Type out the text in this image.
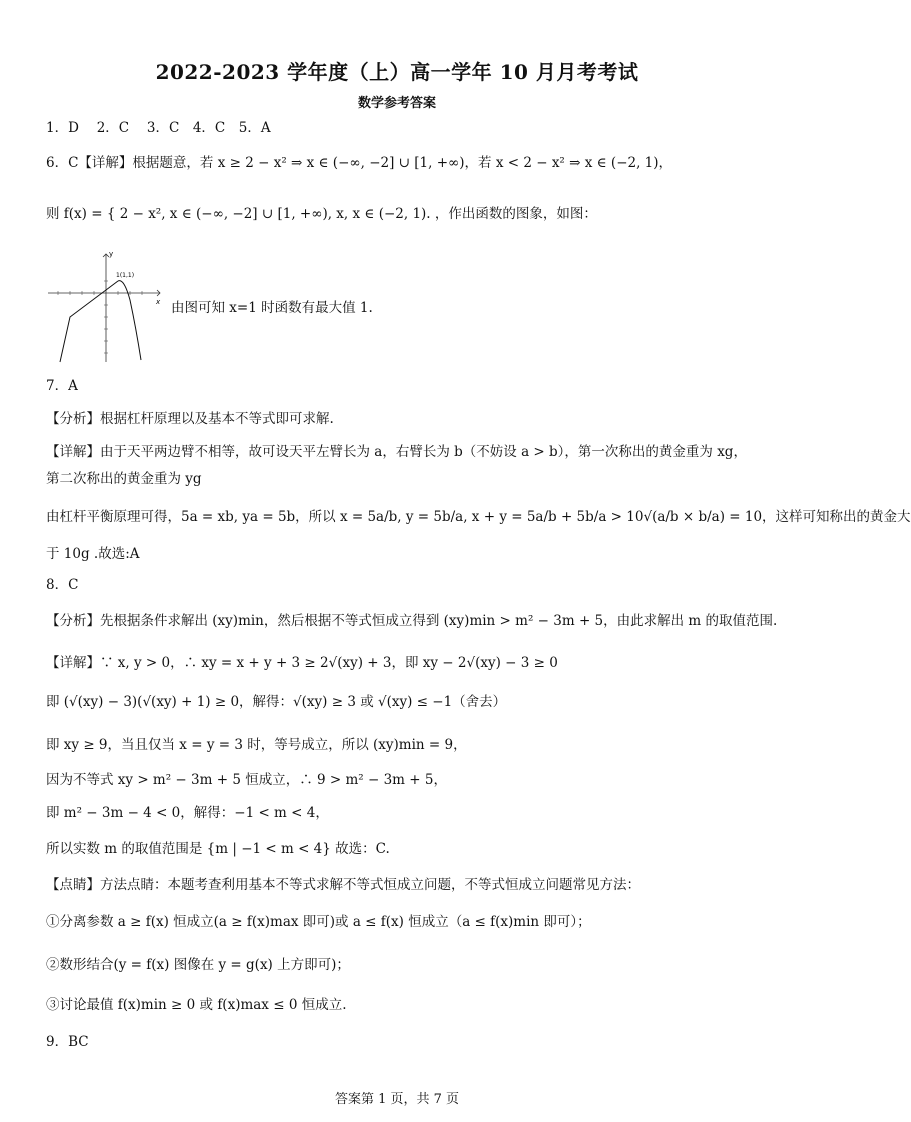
2022-2023 学年度（上）高一学年 10 月月考考试
数学参考答案
1．D　 2．C　 3．C　4．C　5．A
6．C【详解】根据题意，若 x ≥ 2 − x² ⇒ x ∈ (−∞, −2] ∪ [1, +∞)，若 x < 2 − x² ⇒ x ∈ (−2, 1)，
则 f(x) = { 2 − x², x ∈ (−∞, −2] ∪ [1, +∞), x, x ∈ (−2, 1). ，作出函数的图象，如图：
y
x
1(1,1)
由图可知 x=1 时函数有最大值 1.
7．A
【分析】根据杠杆原理以及基本不等式即可求解.
【详解】由于天平两边臂不相等，故可设天平左臂长为 a，右臂长为 b（不妨设 a > b），第一次称出的黄金重为 xg，
第二次称出的黄金重为 yg
由杠杆平衡原理可得，5a = xb, ya = 5b，所以 x = 5a/b, y = 5b/a, x + y = 5a/b + 5b/a > 10√(a/b × b/a) = 10，这样可知称出的黄金大
于 10g .故选:A
8．C
【分析】先根据条件求解出 (xy)min，然后根据不等式恒成立得到 (xy)min > m² − 3m + 5，由此求解出 m 的取值范围.
【详解】∵ x, y > 0，∴ xy = x + y + 3 ≥ 2√(xy) + 3，即 xy − 2√(xy) − 3 ≥ 0
即 (√(xy) − 3)(√(xy) + 1) ≥ 0，解得：√(xy) ≥ 3 或 √(xy) ≤ −1（舍去）
即 xy ≥ 9，当且仅当 x = y = 3 时，等号成立，所以 (xy)min = 9，
因为不等式 xy > m² − 3m + 5 恒成立，∴ 9 > m² − 3m + 5，
即 m² − 3m − 4 < 0，解得：−1 < m < 4，
所以实数 m 的取值范围是 {m | −1 < m < 4} 故选：C.
【点睛】方法点睛：本题考查利用基本不等式求解不等式恒成立问题，不等式恒成立问题常见方法：
①分离参数 a ≥ f(x) 恒成立(a ≥ f(x)max 即可)或 a ≤ f(x) 恒成立（a ≤ f(x)min 即可）；
②数形结合(y = f(x) 图像在 y = g(x) 上方即可)；
③讨论最值 f(x)min ≥ 0 或 f(x)max ≤ 0 恒成立.
9．BC
答案第 1 页，共 7 页
